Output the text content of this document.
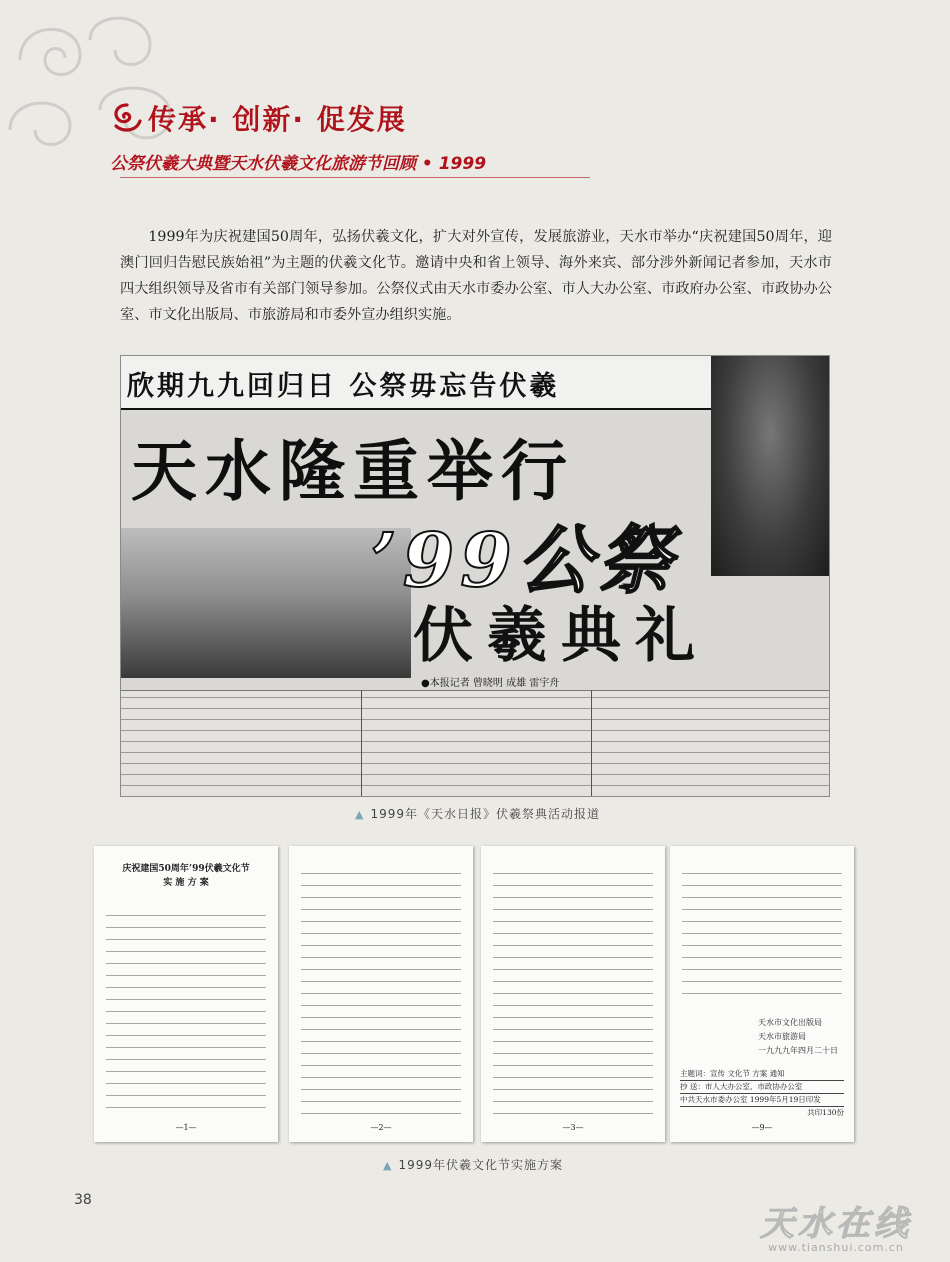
传承· 创新· 促发展
公祭伏羲大典暨天水伏羲文化旅游节回顾 • 1999

1999年为庆祝建国50周年，弘扬伏羲文化，扩大对外宣传，发展旅游业，天水市举办“庆祝建国50周年，迎澳门回归告慰民族始祖”为主题的伏羲文化节。邀请中央和省上领导、海外来宾、部分涉外新闻记者参加，天水市四大组织领导及省市有关部门领导参加。公祭仪式由天水市委办公室、市人大办公室、市政府办公室、市政协办公室、市文化出版局、市旅游局和市委外宣办组织实施。

欣期九九回归日 公祭毋忘告伏羲
天水隆重举行
’99公祭
伏羲典礼
●本报记者 曾晓明 成雄 雷宇舟
▲ 1999年《天水日报》伏羲祭典活动报道
庆祝建国50周年’99伏羲文化节
实 施 方 案
—1—	—2—	—3—
天水市文化出版局
天水市旅游局
一九九九年四月二十日
主题词：宣传 文化节 方案 通知
抄 送：市人大办公室、市政协办公室
中共天水市委办公室 1999年5月19日印发
共印130份
—9—
▲ 1999年伏羲文化节实施方案
38
天水在线
www.tianshui.com.cn
